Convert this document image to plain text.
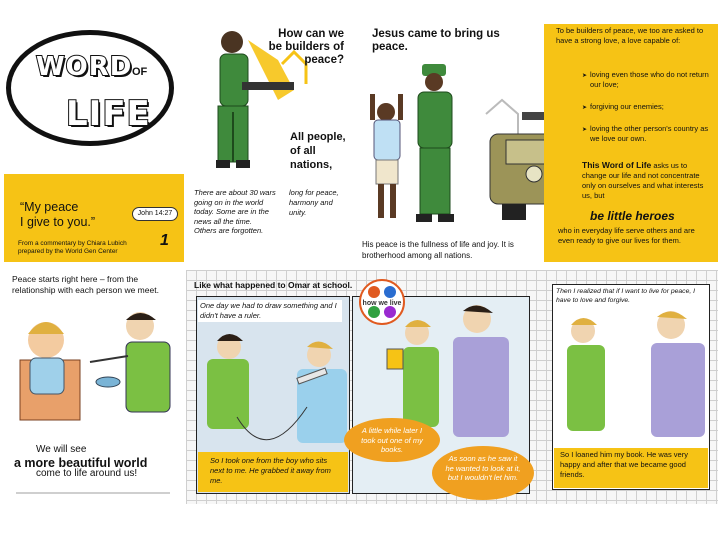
WORD OF
LIFE
“My peace
I give to you.”
John 14:27
From a commentary by Chiara Lubich
prepared by the World Gen Center
1
How can we be builders of peace?
Jesus came to bring us peace.
All people, of all nations,
There are about 30 wars going on in the world today. Some are in the news all the time. Others are forgotten.
long for peace, harmony and unity.
His peace is the fullness of life and joy. It is brotherhood among all nations.
To be builders of peace, we too are asked to have a strong love, a love capable of:
➤ loving even those who do not return our love;
➤ forgiving our enemies;
➤ loving the other person's country as we love our own.
This Word of Life asks us to change our life and not concentrate only on ourselves and what interests us, but
be little heroes
who in everyday life serve others and are even ready to give our lives for them.
Peace starts right here – from the relationship with each person we meet.
We will see
a more beautiful world
come to life around us!
Like what happened to Omar at school.
One day we had to draw something and I didn't have a ruler.
So I took one from the boy who sits next to me. He grabbed it away from me.
A little while later I took out one of my books.
As soon as he saw it he wanted to look at it, but I wouldn't let him.
how we live
Then I realized that if I want to live for peace, I have to love and forgive.
So I loaned him my book. He was very happy and after that we became good friends.
